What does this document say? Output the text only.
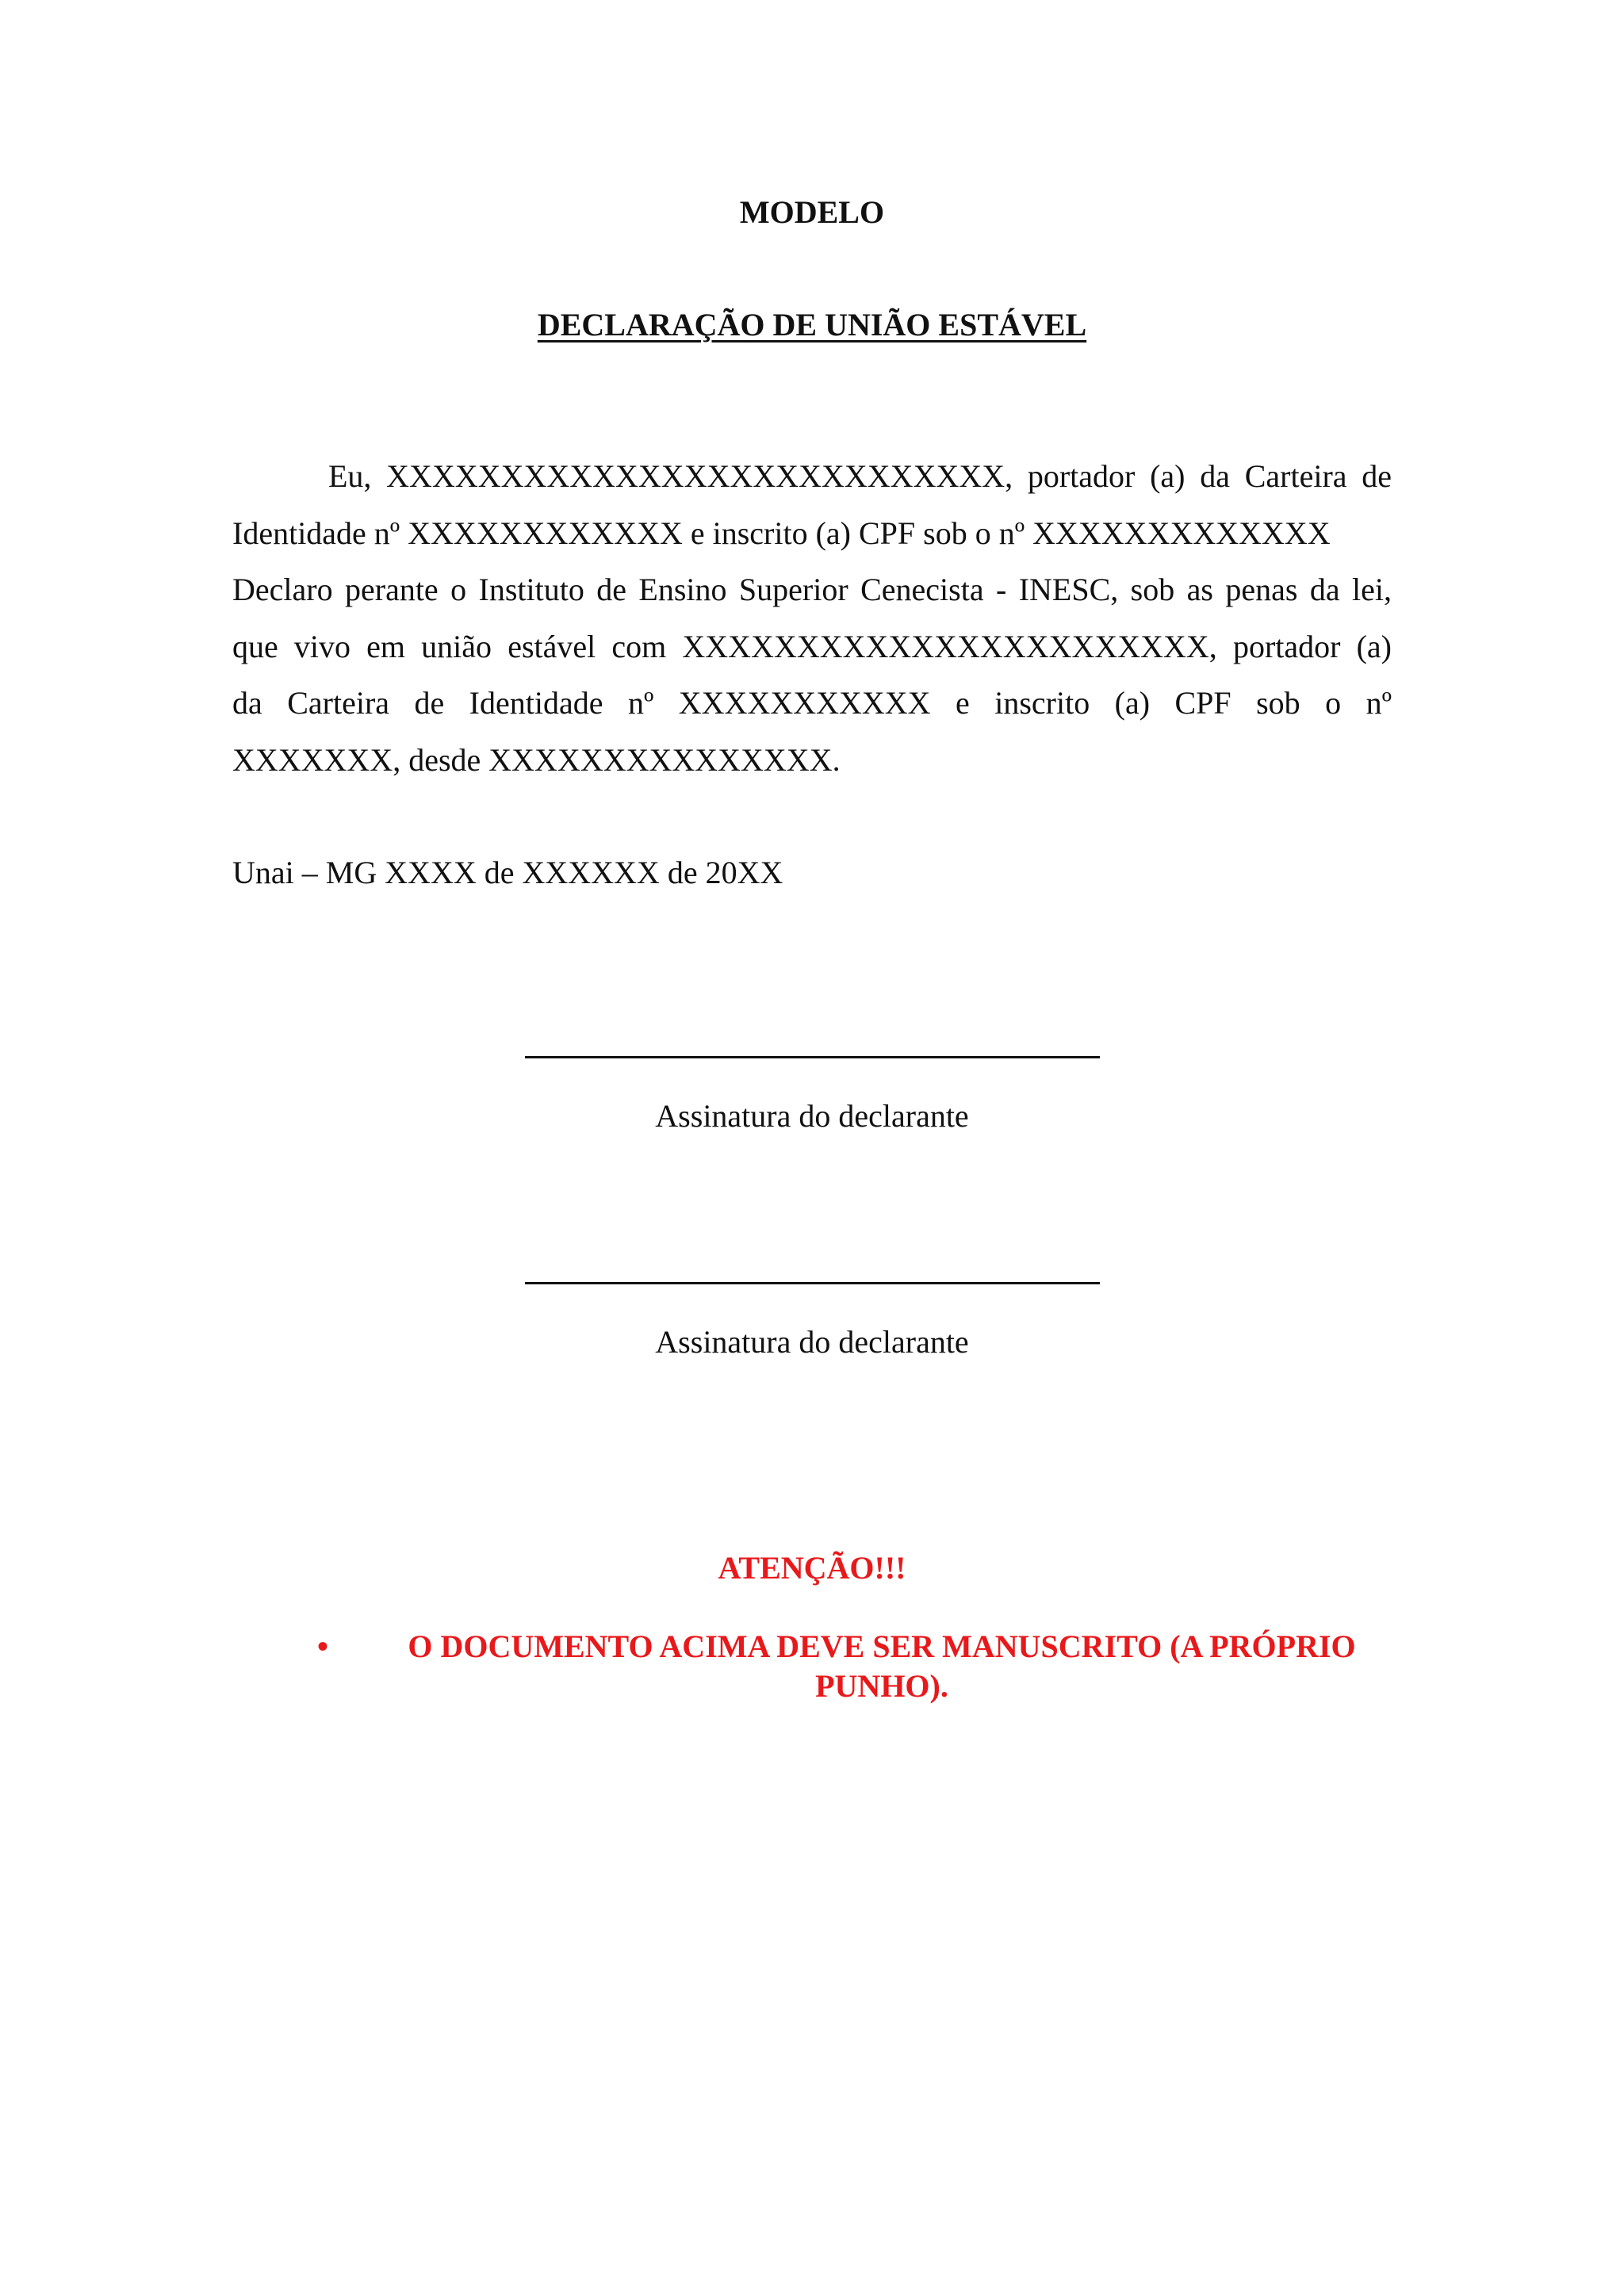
MODELO
DECLARAÇÃO DE UNIÃO ESTÁVEL
Eu, XXXXXXXXXXXXXXXXXXXXXXXXXXX, portador (a) da Carteira de
Identidade nº XXXXXXXXXXXX e inscrito (a) CPF sob o nº XXXXXXXXXXXXX
Declaro perante o Instituto de Ensino Superior Cenecista - INESC, sob as penas da lei,
que vivo em união estável com XXXXXXXXXXXXXXXXXXXXXXX, portador (a)
da Carteira de Identidade nº XXXXXXXXXXX e inscrito (a) CPF sob o nº
XXXXXXX, desde XXXXXXXXXXXXXXX.
Unai – MG XXXX de XXXXXX de 20XX
Assinatura do declarante
Assinatura do declarante
ATENÇÃO!!!
•	O DOCUMENTO ACIMA DEVE SER MANUSCRITO (A PRÓPRIO PUNHO).
